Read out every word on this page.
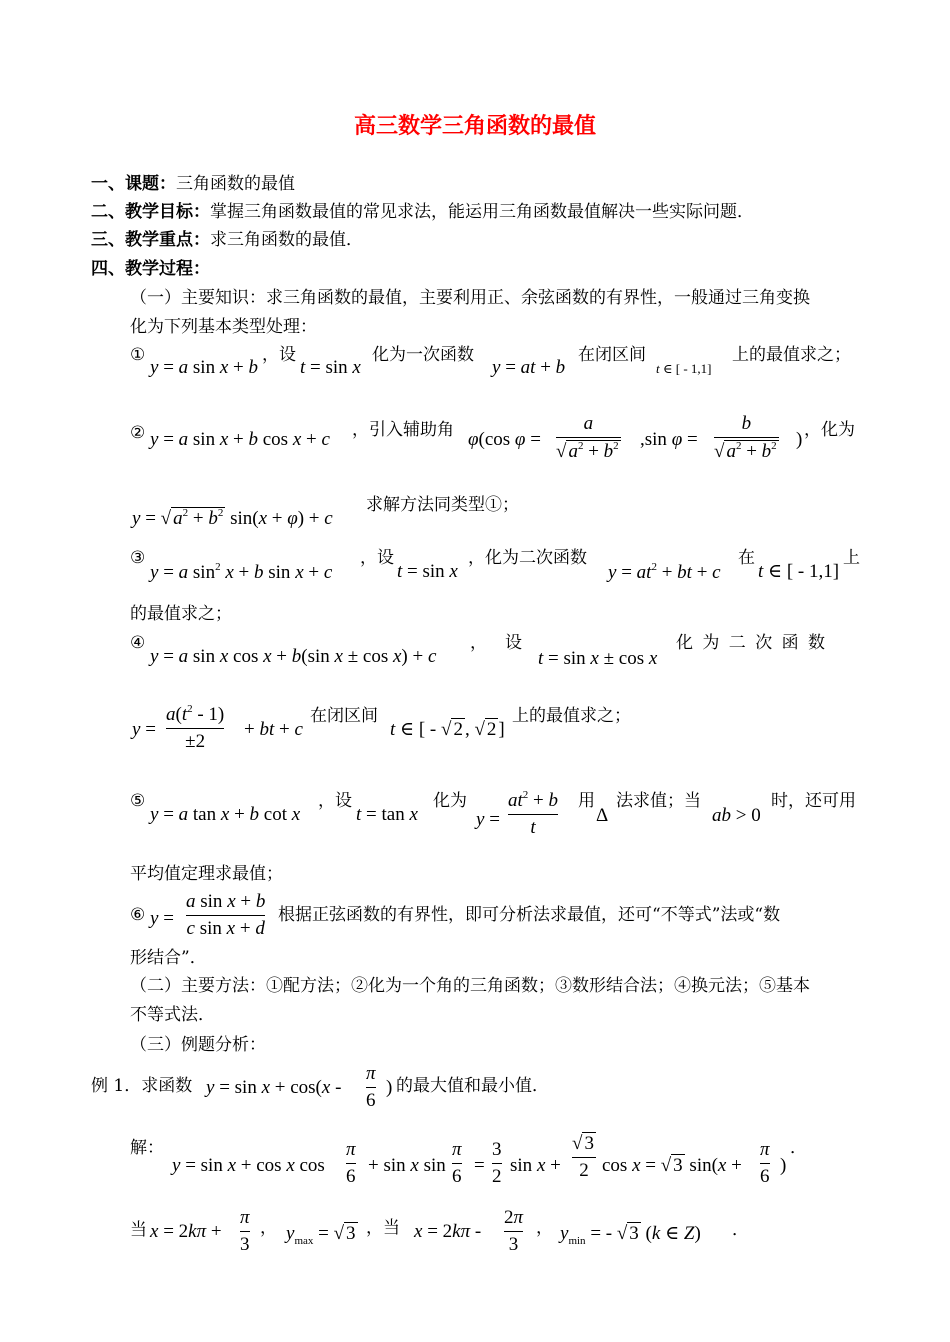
高三数学三角函数的最值
一、课题：三角函数的最值
二、教学目标：掌握三角函数最值的常见求法，能运用三角函数最值解决一些实际问题．
三、教学重点：求三角函数的最值．
四、教学过程：
（一）主要知识：求三角函数的最值，主要利用正、余弦函数的有界性，一般通过三角变换
化为下列基本类型处理：
①
y = a sin x + b
，设
t = sin x
化为一次函数
y = at + b
在闭区间
t ∈ [ - 1,1]
上的最值求之；
② y = a sin x + b cos x + c ，引入辅助角 φ(cos φ =
a
√ $a^2 + b^2$ ,sin φ =
b
√ $a^2 + b^2$ ) ，化为
y = √ $a^2 + b^2$ sin(x + φ) + c
求解方法同类型①；
③
y = a $\sin^2 x + b$ sin x + c
，设
t = sin x
，化为二次函数
$y = at^2$ + bt + c
在
t ∈ [ - 1,1]
上
的最值求之；
④
y = a sin x cos x + b(sin x ± cos x) + c
， 设
t = sin x ± cos x
化 为 二 次 函 数
y =
$a(t^2 - 1)$
±2
+ bt + c
在闭区间
t ∈ [ - √ 2 , √ 2 ]
上的最值求之；
⑤
y = a tan x + b cot x
，设
t = tan x
化为
y =
$at^2 + b$
t
用
Δ
法求值；当
ab > 0
时，还可用
平均值定理求最值；
⑥ y =
a sin x + b
c sin x + d
根据正弦函数的有界性，即可分析法求最值，还可“不等式”法或“数
形结合”．
（二）主要方法：①配方法；②化为一个角的三角函数；③数形结合法；④换元法；⑤基本
不等式法．
（三）例题分析：
例 1．求函数 y = sin x + cos(x -
π
6
) 的最大值和最小值．
解：
y = sin x + cos x cos
π
6
+ sin x sin
π
6
=
3
2
sin x +
√ 3
2 cos x = √ 3 sin(x +
π
6
)
．
当 x = 2kπ +
π
3
， $y_{max}$ = √ 3 ，当 x = 2kπ -
2π
3
， $y_{min}$ = - √ 3 (k ∈ Z) ．
